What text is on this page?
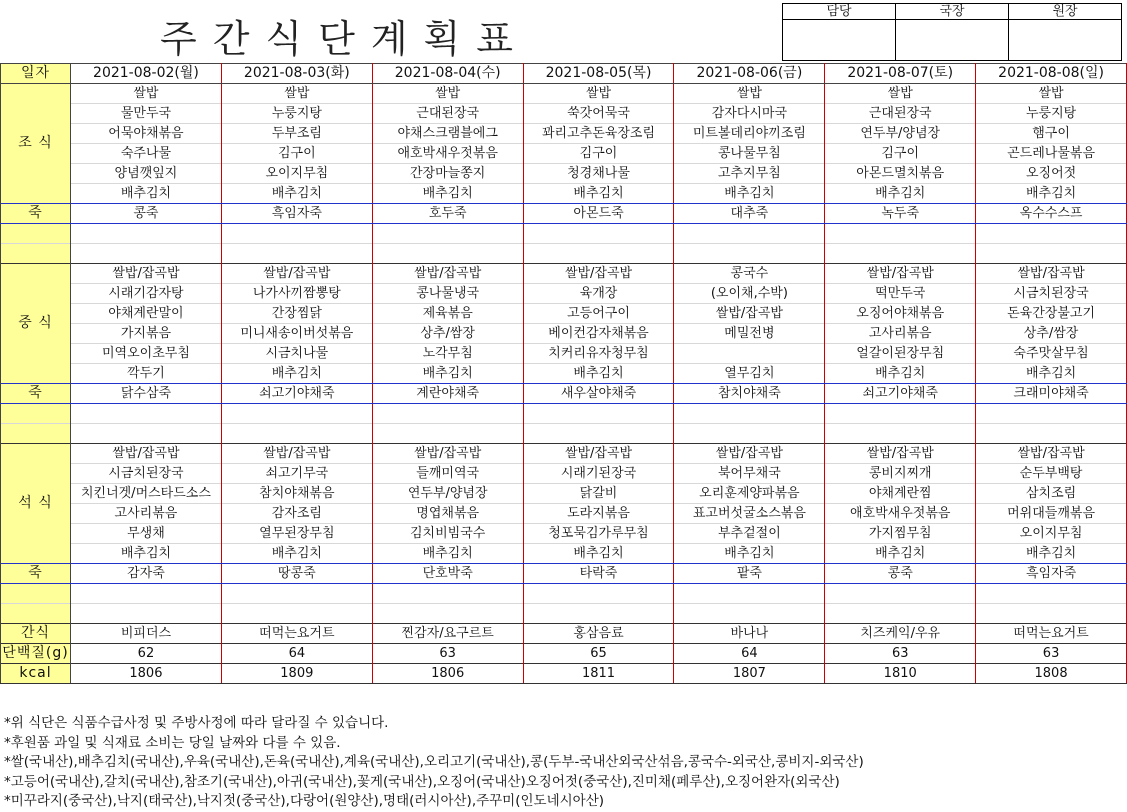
주간식단계획표
담당	국장	원장

일자	2021-08-02(월)	2021-08-03(화)	2021-08-04(수)	2021-08-05(목)	2021-08-06(금)	2021-08-07(토)	2021-08-08(일)
조 식	쌀밥	쌀밥	쌀밥	쌀밥	쌀밥	쌀밥	쌀밥
	물만두국	누룽지탕	근대된장국	쑥갓어묵국	감자다시마국	근대된장국	누룽지탕
	어묵야채볶음	두부조림	야채스크램블에그	꽈리고추돈육장조림	미트볼데리야끼조림	연두부/양념장	햄구이
	숙주나물	김구이	애호박새우젓볶음	김구이	콩나물무침	김구이	곤드레나물볶음
	양념깻잎지	오이지무침	간장마늘쫑지	청경채나물	고추지무침	아몬드멸치볶음	오징어젓
	배추김치	배추김치	배추김치	배추김치	배추김치	배추김치	배추김치
죽	콩죽	흑임자죽	호두죽	아몬드죽	대추죽	녹두죽	옥수수스프

중 식	쌀밥/잡곡밥	쌀밥/잡곡밥	쌀밥/잡곡밥	쌀밥/잡곡밥	콩국수	쌀밥/잡곡밥	쌀밥/잡곡밥
	시래기감자탕	나가사끼짬뽕탕	콩나물냉국	육개장	(오이채,수박)	떡만두국	시금치된장국
	야채계란말이	간장찜닭	제육볶음	고등어구이	쌀밥/잡곡밥	오징어야채볶음	돈육간장불고기
	가지볶음	미니새송이버섯볶음	상추/쌈장	베이컨감자채볶음	메밀전병	고사리볶음	상추/쌈장
	미역오이초무침	시금치나물	노각무침	치커리유자청무침		얼갈이된장무침	숙주맛살무침
	깍두기	배추김치	배추김치	배추김치	열무김치	배추김치	배추김치
죽	닭수삼죽	쇠고기야채죽	계란야채죽	새우살야채죽	참치야채죽	쇠고기야채죽	크래미야채죽

석 식	쌀밥/잡곡밥	쌀밥/잡곡밥	쌀밥/잡곡밥	쌀밥/잡곡밥	쌀밥/잡곡밥	쌀밥/잡곡밥	쌀밥/잡곡밥
	시금치된장국	쇠고기무국	들깨미역국	시래기된장국	북어무채국	콩비지찌개	순두부백탕
	치킨너겟/머스타드소스	참치야채볶음	연두부/양념장	닭갈비	오리훈제양파볶음	야채계란찜	삼치조림
	고사리볶음	감자조림	명엽채볶음	도라지볶음	표고버섯굴소스볶음	애호박새우젓볶음	머위대들깨볶음
	무생채	열무된장무침	김치비빔국수	청포묵김가루무침	부추겉절이	가지찜무침	오이지무침
	배추김치	배추김치	배추김치	배추김치	배추김치	배추김치	배추김치
죽	감자죽	땅콩죽	단호박죽	타락죽	팥죽	콩죽	흑임자죽

간식	비피더스	떠먹는요거트	찐감자/요구르트	홍삼음료	바나나	치즈케익/우유	떠먹는요거트
단백질(g)	62	64	63	65	64	63	63
kcal	1806	1809	1806	1811	1807	1810	1808
*위 식단은 식품수급사정 및 주방사정에 따라 달라질 수 있습니다.
*후원품 과일 및 식재료 소비는 당일 날짜와 다를 수 있음.
*쌀(국내산),배추김치(국내산),우육(국내산),돈육(국내산),계육(국내산),오리고기(국내산),콩(두부-국내산외국산섞음,콩국수-외국산,콩비지-외국산)
*고등어(국내산),갈치(국내산),참조기(국내산),아귀(국내산),꽃게(국내산),오징어(국내산)오징어젓(중국산),진미채(페루산),오징어완자(외국산)
*미꾸라지(중국산),낙지(태국산),낙지젓(중국산),다랑어(원양산),명태(러시아산),주꾸미(인도네시아산)
